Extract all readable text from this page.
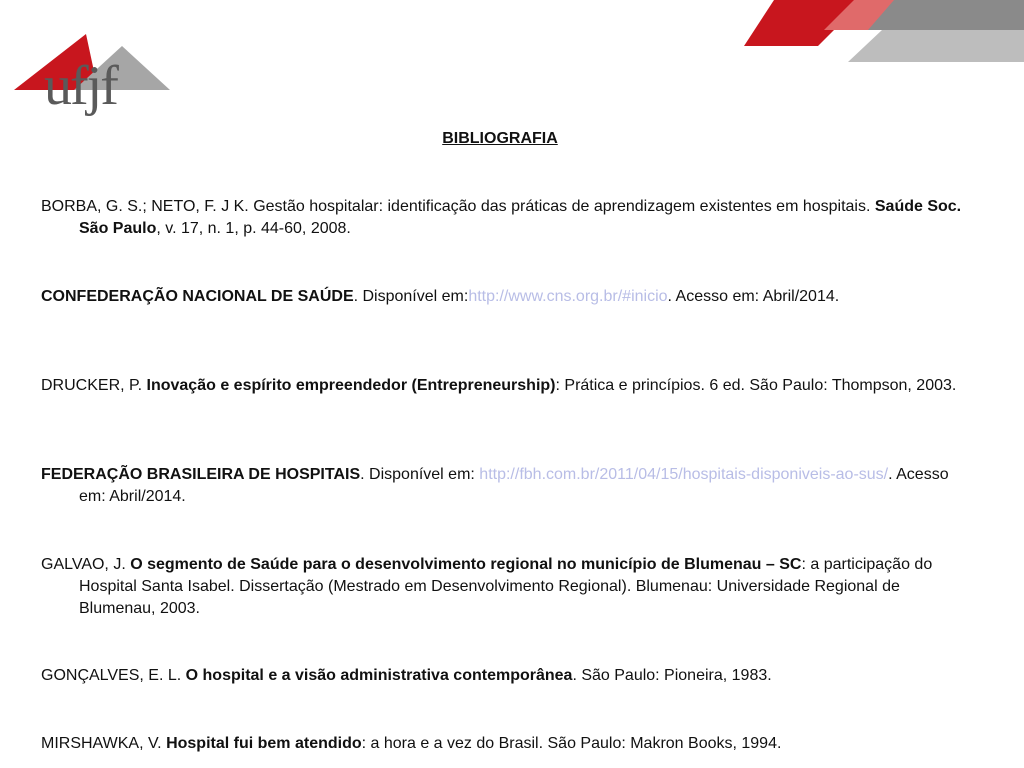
ufjf
BIBLIOGRAFIA

BORBA, G. S.; NETO, F. J K. Gestão hospitalar: identificação das práticas de aprendizagem existentes em hospitais. Saúde Soc. São Paulo, v. 17, n. 1, p. 44-60, 2008.

CONFEDERAÇÃO NACIONAL DE SAÚDE. Disponível em:http://www.cns.org.br/#inicio. Acesso em: Abril/2014.

DRUCKER, P. Inovação e espírito empreendedor (Entrepreneurship): Prática e princípios. 6 ed. São Paulo: Thompson, 2003.

FEDERAÇÃO BRASILEIRA DE HOSPITAIS. Disponível em: http://fbh.com.br/2011/04/15/hospitais-disponiveis-ao-sus/. Acesso em: Abril/2014.

GALVAO, J. O segmento de Saúde para o desenvolvimento regional no município de Blumenau – SC: a participação do Hospital Santa Isabel. Dissertação (Mestrado em Desenvolvimento Regional). Blumenau: Universidade Regional de Blumenau, 2003.

GONÇALVES, E. L. O hospital e a visão administrativa contemporânea. São Paulo: Pioneira, 1983.

MIRSHAWKA, V. Hospital fui bem atendido: a hora e a vez do Brasil. São Paulo: Makron Books, 1994.
